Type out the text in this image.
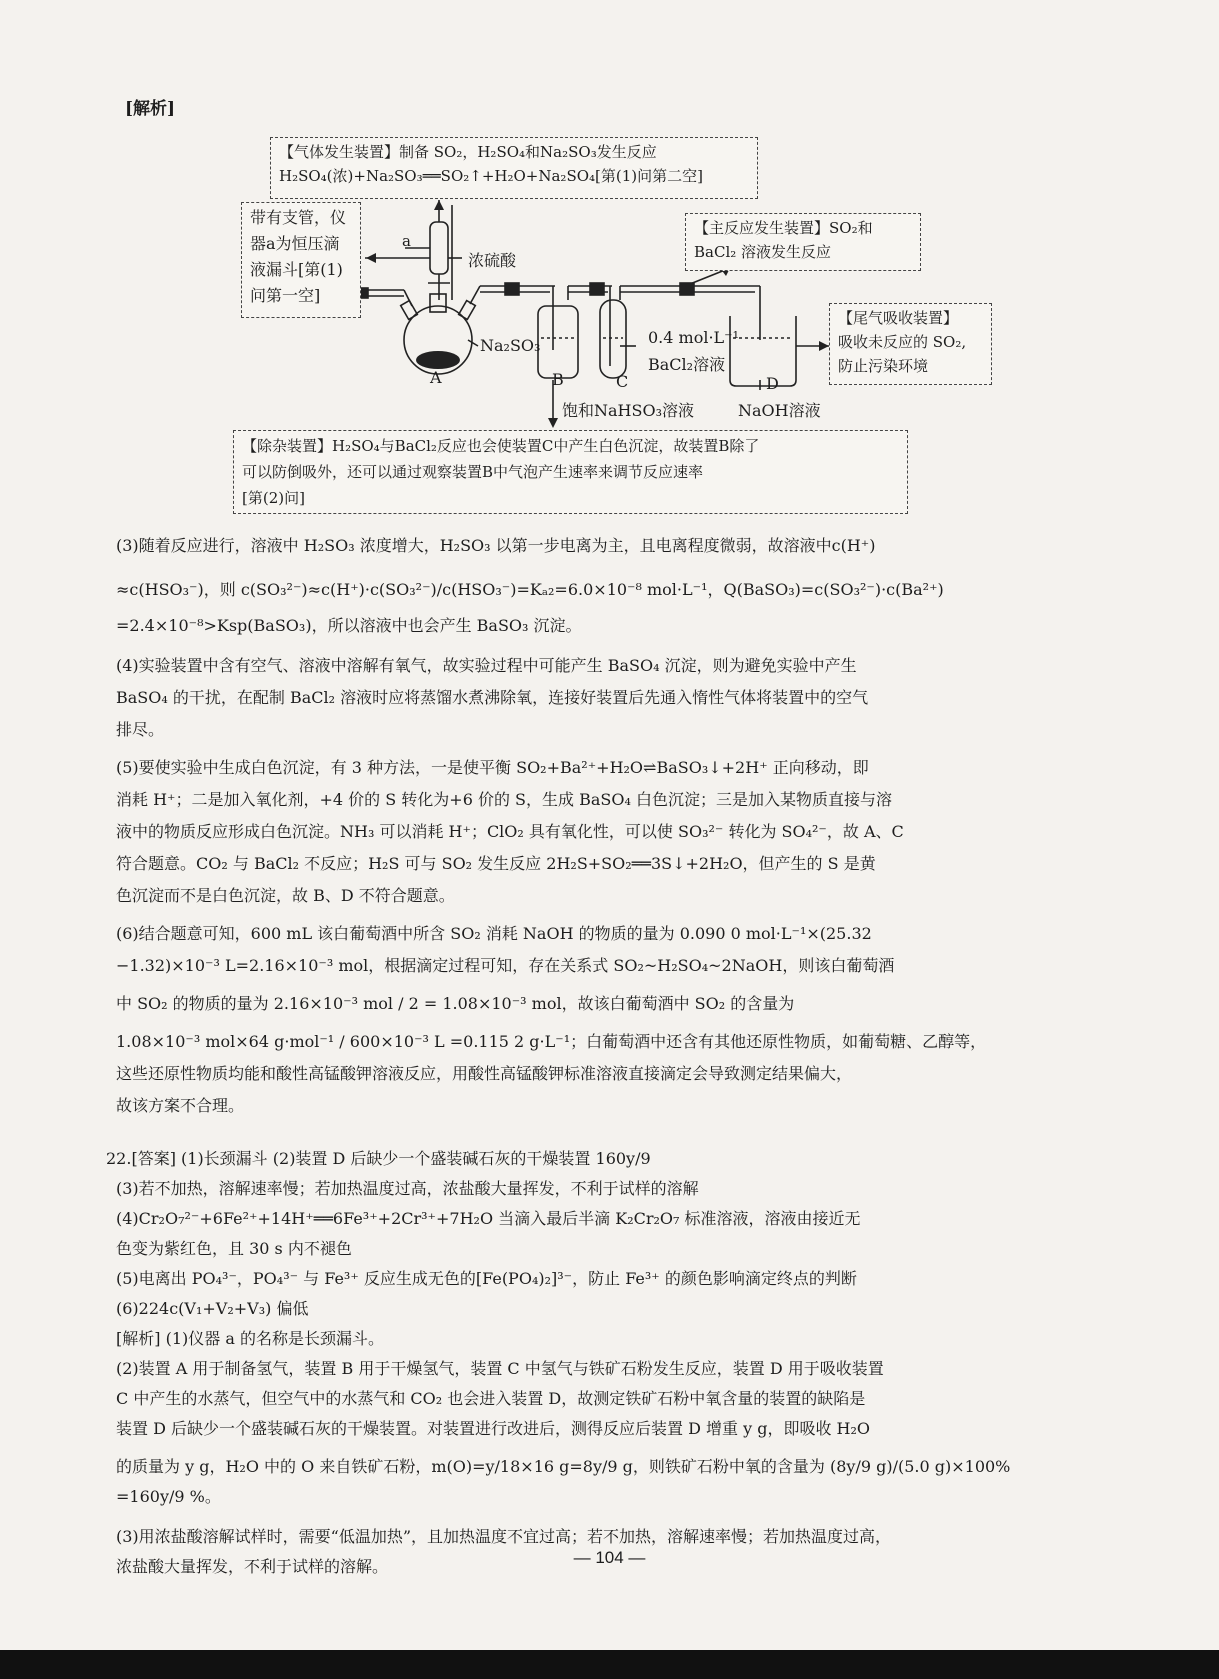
[解析]
【气体发生装置】制备 SO₂，H₂SO₄和Na₂SO₃发生反应
H₂SO₄(浓)+Na₂SO₃══SO₂↑+H₂O+Na₂SO₄[第(1)问第二空]
带有支管，仪
器a为恒压滴
液漏斗[第(1)
问第一空]
【主反应发生装置】SO₂和
BaCl₂ 溶液发生反应
【尾气吸收装置】
吸收未反应的 SO₂,
防止污染环境
【除杂装置】H₂SO₄与BaCl₂反应也会使装置C中产生白色沉淀，故装置B除了
可以防倒吸外，还可以通过观察装置B中气泡产生速率来调节反应速率
[第(2)问]
a
浓硫酸
Na₂SO₃
A	B	C	D
0.4 mol·L⁻¹
BaCl₂溶液
饱和NaHSO₃溶液	NaOH溶液

(3)随着反应进行，溶液中 H₂SO₃ 浓度增大，H₂SO₃ 以第一步电离为主，且电离程度微弱，故溶液中c(H⁺)

≈c(HSO₃⁻)，则 c(SO₃²⁻)≈c(H⁺)·c(SO₃²⁻)/c(HSO₃⁻)=Kₐ₂=6.0×10⁻⁸ mol·L⁻¹，Q(BaSO₃)=c(SO₃²⁻)·c(Ba²⁺)

=2.4×10⁻⁸>Ksp(BaSO₃)，所以溶液中也会产生 BaSO₃ 沉淀。

(4)实验装置中含有空气、溶液中溶解有氧气，故实验过程中可能产生 BaSO₄ 沉淀，则为避免实验中产生

BaSO₄ 的干扰，在配制 BaCl₂ 溶液时应将蒸馏水煮沸除氧，连接好装置后先通入惰性气体将装置中的空气

排尽。

(5)要使实验中生成白色沉淀，有 3 种方法，一是使平衡 SO₂+Ba²⁺+H₂O⇌BaSO₃↓+2H⁺ 正向移动，即

消耗 H⁺；二是加入氧化剂，+4 价的 S 转化为+6 价的 S，生成 BaSO₄ 白色沉淀；三是加入某物质直接与溶

液中的物质反应形成白色沉淀。NH₃ 可以消耗 H⁺；ClO₂ 具有氧化性，可以使 SO₃²⁻ 转化为 SO₄²⁻，故 A、C

符合题意。CO₂ 与 BaCl₂ 不反应；H₂S 可与 SO₂ 发生反应 2H₂S+SO₂══3S↓+2H₂O，但产生的 S 是黄

色沉淀而不是白色沉淀，故 B、D 不符合题意。

(6)结合题意可知，600 mL 该白葡萄酒中所含 SO₂ 消耗 NaOH 的物质的量为 0.090 0 mol·L⁻¹×(25.32

−1.32)×10⁻³ L=2.16×10⁻³ mol，根据滴定过程可知，存在关系式 SO₂~H₂SO₄~2NaOH，则该白葡萄酒

中 SO₂ 的物质的量为 2.16×10⁻³ mol / 2 = 1.08×10⁻³ mol，故该白葡萄酒中 SO₂ 的含量为

1.08×10⁻³ mol×64 g·mol⁻¹ / 600×10⁻³ L =0.115 2 g·L⁻¹；白葡萄酒中还含有其他还原性物质，如葡萄糖、乙醇等，

这些还原性物质均能和酸性高锰酸钾溶液反应，用酸性高锰酸钾标准溶液直接滴定会导致测定结果偏大，

故该方案不合理。

22.[答案] (1)长颈漏斗 (2)装置 D 后缺少一个盛装碱石灰的干燥装置 160y/9

(3)若不加热，溶解速率慢；若加热温度过高，浓盐酸大量挥发，不利于试样的溶解

(4)Cr₂O₇²⁻+6Fe²⁺+14H⁺══6Fe³⁺+2Cr³⁺+7H₂O 当滴入最后半滴 K₂Cr₂O₇ 标准溶液，溶液由接近无

色变为紫红色，且 30 s 内不褪色

(5)电离出 PO₄³⁻，PO₄³⁻ 与 Fe³⁺ 反应生成无色的[Fe(PO₄)₂]³⁻，防止 Fe³⁺ 的颜色影响滴定终点的判断

(6)224c(V₁+V₂+V₃) 偏低

[解析] (1)仪器 a 的名称是长颈漏斗。

(2)装置 A 用于制备氢气，装置 B 用于干燥氢气，装置 C 中氢气与铁矿石粉发生反应，装置 D 用于吸收装置

C 中产生的水蒸气，但空气中的水蒸气和 CO₂ 也会进入装置 D，故测定铁矿石粉中氧含量的装置的缺陷是

装置 D 后缺少一个盛装碱石灰的干燥装置。对装置进行改进后，测得反应后装置 D 增重 y g，即吸收 H₂O

的质量为 y g，H₂O 中的 O 来自铁矿石粉，m(O)=y/18×16 g=8y/9 g，则铁矿石粉中氧的含量为 (8y/9 g)/(5.0 g)×100%

=160y/9 %。

(3)用浓盐酸溶解试样时，需要“低温加热”，且加热温度不宜过高；若不加热，溶解速率慢；若加热温度过高，

浓盐酸大量挥发，不利于试样的溶解。	— 104 —
